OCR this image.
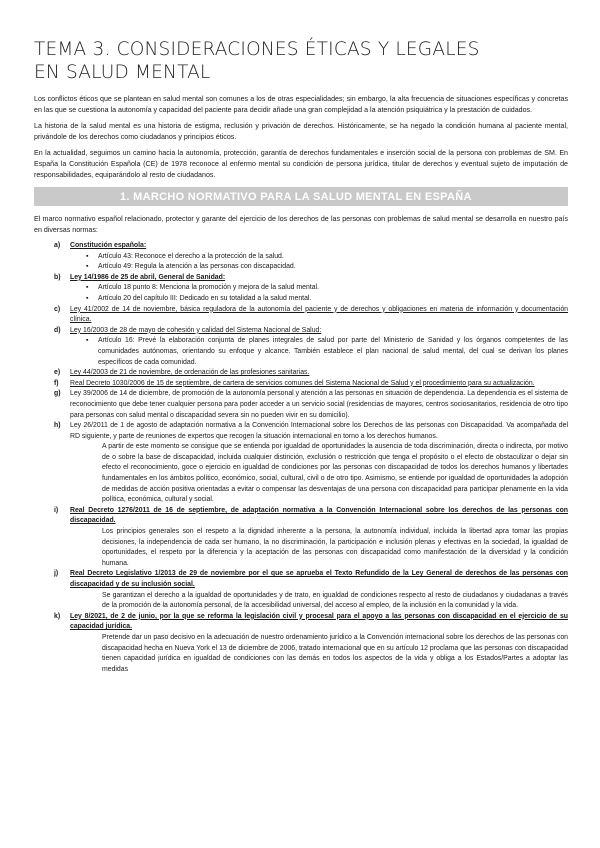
TEMA 3. CONSIDERACIONES ÉTICAS Y LEGALES EN SALUD MENTAL

Los conflictos éticos que se plantean en salud mental son comunes a los de otras especialidades; sin embargo, la alta frecuencia de situaciones específicas y concretas en las que se cuestiona la autonomía y capacidad del paciente para decidir añade una gran complejidad a la atención psiquiátrica y la prestación de cuidados.

La historia de la salud mental es una historia de estigma, reclusión y privación de derechos. Históricamente, se ha negado la condición humana al paciente mental, privándole de los derechos como ciudadanos y principios éticos.

En la actualidad, seguimos un camino hacia la autonomía, protección, garantía de derechos fundamentales e inserción social de la persona con problemas de SM. En España la Constitución Española (CE) de 1978 reconoce al enfermo mental su condición de persona jurídica, titular de derechos y eventual sujeto de imputación de responsabilidades, equiparándolo al resto de ciudadanos.

1. MARCHO NORMATIVO PARA LA SALUD MENTAL EN ESPAÑA

El marco normativo español relacionado, protector y garante del ejercicio de los derechos de las personas con problemas de salud mental se desarrolla en nuestro país en diversas normas:

a) Constitución española:
▪ Artículo 43: Reconoce el derecho a la protección de la salud.
▪ Artículo 49: Regula la atención a las personas con discapacidad.
b) Ley 14/1986 de 25 de abril, General de Sanidad:
▪ Artículo 18 punto 8: Menciona la promoción y mejora de la salud mental.
▪ Artículo 20 del capítulo III: Dedicado en su totalidad a la salud mental.
c) Ley 41/2002 de 14 de noviembre, básica reguladora de la autonomía del paciente y de derechos y obligaciones en materia de información y documentación clínica.
d) Ley 16/2003 de 28 de mayo de cohesión y calidad del Sistema Nacional de Salud:
▪ Artículo 16: Prevé la elaboración conjunta de planes integrales de salud por parte del Ministerio de Sanidad y los órganos competentes de las comunidades autónomas, orientando su enfoque y alcance. También establece el plan nacional de salud mental, del cual se derivan los planes específicos de cada comunidad.
e) Ley 44/2003 de 21 de noviembre, de ordenación de las profesiones sanitarias.
f) Real Decreto 1030/2006 de 15 de septiembre, de cartera de servicios comunes del Sistema Nacional de Salud y el procedimiento para su actualización.
g) Ley 39/2006 de 14 de diciembre, de promoción de la autonomía personal y atención a las personas en situación de dependencia. La dependencia es el sistema de reconocimiento que debe tener cualquier persona para poder acceder a un servicio social (residencias de mayores, centros sociosanitarios, residencia de otro tipo para personas con salud mental o discapacidad severa sin no pueden vivir en su domicilio).
h) Ley 26/2011 de 1 de agosto de adaptación normativa a la Convención Internacional sobre los Derechos de las personas con Discapacidad. Va acompañada del RD siguiente, y parte de reuniones de expertos que recogen la situación internacional en torno a los derechos humanos.
A partir de este momento se consigue que se entienda por igualdad de oportunidades la ausencia de toda discriminación, directa o indirecta, por motivo de o sobre la base de discapacidad, incluida cualquier distinción, exclusión o restricción que tenga el propósito o el efecto de obstaculizar o dejar sin efecto el reconocimiento, goce o ejercicio en igualdad de condiciones por las personas con discapacidad de todos los derechos humanos y libertades fundamentales en los ámbitos político, económico, social, cultural, civil o de otro tipo. Asimismo, se entiende por igualdad de oportunidades la adopción de medidas de acción positiva orientadas a evitar o compensar las desventajas de una persona con discapacidad para participar plenamente en la vida política, económica, cultural y social.
i) Real Decreto 1276/2011 de 16 de septiembre, de adaptación normativa a la Convención Internacional sobre los derechos de las personas con discapacidad.
Los principios generales son el respeto a la dignidad inherente a la persona, la autonomía individual, incluida la libertad apra tomar las propias decisiones, la independencia de cada ser humano, la no discriminación, la participación e inclusión plenas y efectivas en la sociedad, la igualdad de oportunidades, el respeto por la diferencia y la aceptación de las personas con discapacidad como manifestación de la diversidad y la condición humana.
j) Real Decreto Legislativo 1/2013 de 29 de noviembre por el que se aprueba el Texto Refundido de la Ley General de derechos de las personas con discapacidad y de su inclusión social.
Se garantizan el derecho a la igualdad de oportunidades y de trato, en igualdad de condiciones respecto al resto de ciudadanos y ciudadanas a través de la promoción de la autonomía personal, de la accesibilidad universal, del acceso al empleo, de la inclusión en la comunidad y la vida.
k) Ley 8/2021, de 2 de junio, por la que se reforma la legislación civil y procesal para el apoyo a las personas con discapacidad en el ejercicio de su capacidad jurídica.
Pretende dar un paso decisivo en la adecuación de nuestro ordenamiento jurídico a la Convención internacional sobre los derechos de las personas con discapacidad hecha en Nueva York el 13 de diciembre de 2006, tratado internacional que en su artículo 12 proclama que las personas con discapacidad tienen capacidad jurídica en igualdad de condiciones con las demás en todos los aspectos de la vida y obliga a los Estados/Partes a adoptar las medidas
